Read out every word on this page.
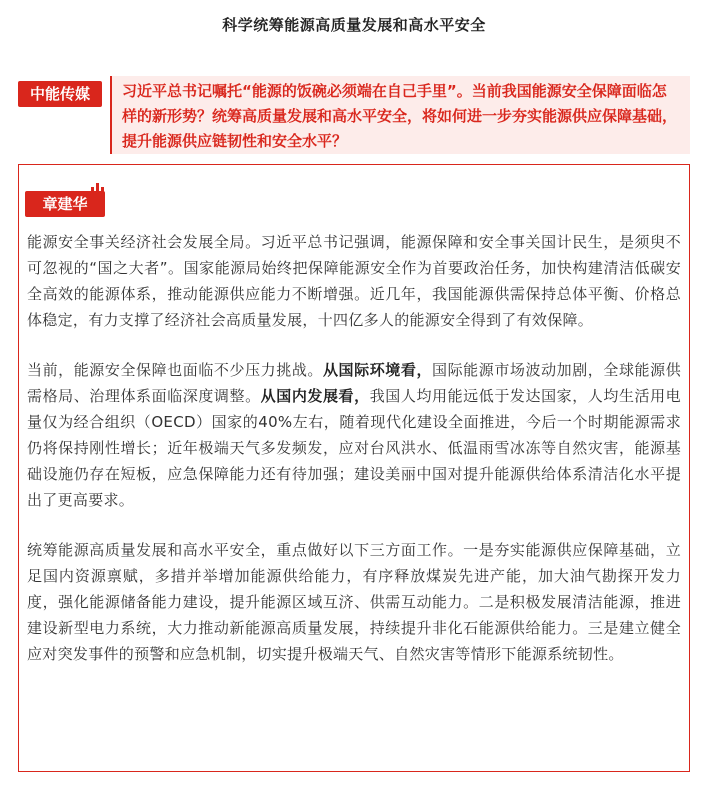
科学统筹能源高质量发展和高水平安全
中能传媒	习近平总书记嘱托“能源的饭碗必须端在自己手里”。当前我国能源安全保障面临怎样的新形势？统筹高质量发展和高水平安全，将如何进一步夯实能源供应保障基础，提升能源供应链韧性和安全水平？
章建华

能源安全事关经济社会发展全局。习近平总书记强调，能源保障和安全事关国计民生，是须臾不可忽视的“国之大者”。国家能源局始终把保障能源安全作为首要政治任务，加快构建清洁低碳安全高效的能源体系，推动能源供应能力不断增强。近几年，我国能源供需保持总体平衡、价格总体稳定，有力支撑了经济社会高质量发展，十四亿多人的能源安全得到了有效保障。

当前，能源安全保障也面临不少压力挑战。从国际环境看，国际能源市场波动加剧，全球能源供需格局、治理体系面临深度调整。从国内发展看，我国人均用能远低于发达国家，人均生活用电量仅为经合组织（OECD）国家的40%左右，随着现代化建设全面推进，今后一个时期能源需求仍将保持刚性增长；近年极端天气多发频发，应对台风洪水、低温雨雪冰冻等自然灾害，能源基础设施仍存在短板，应急保障能力还有待加强；建设美丽中国对提升能源供给体系清洁化水平提出了更高要求。

统筹能源高质量发展和高水平安全，重点做好以下三方面工作。一是夯实能源供应保障基础，立足国内资源禀赋，多措并举增加能源供给能力，有序释放煤炭先进产能，加大油气勘探开发力度，强化能源储备能力建设，提升能源区域互济、供需互动能力。二是积极发展清洁能源，推进建设新型电力系统，大力推动新能源高质量发展，持续提升非化石能源供给能力。三是建立健全应对突发事件的预警和应急机制，切实提升极端天气、自然灾害等情形下能源系统韧性。
